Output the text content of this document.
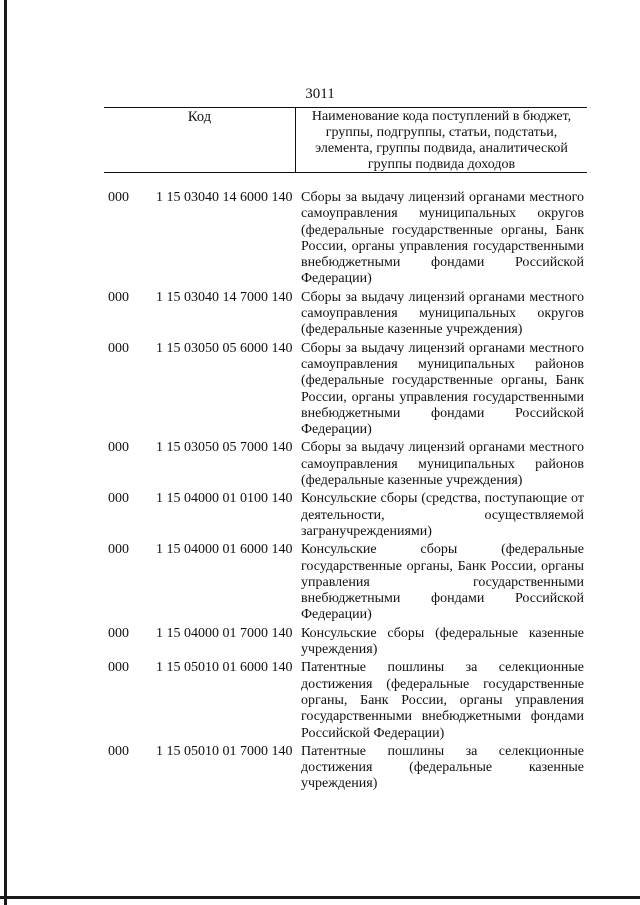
3011
Код	Наименование кода поступлений в бюджет, группы, подгруппы, статьи, подстатьи, элемента, группы подвида, аналитической группы подвида доходов
000	1 15 03040 14 6000 140 Сборы за выдачу лицензий органами местного самоуправления муниципальных округов (федеральные государственные органы, Банк России, органы управления государственными внебюджетными фондами Российской Федерации)
000	1 15 03040 14 7000 140 Сборы за выдачу лицензий органами местного самоуправления муниципальных округов (федеральные казенные учреждения)
000	1 15 03050 05 6000 140 Сборы за выдачу лицензий органами местного самоуправления муниципальных районов (федеральные государственные органы, Банк России, органы управления государственными внебюджетными фондами Российской Федерации)
000	1 15 03050 05 7000 140 Сборы за выдачу лицензий органами местного самоуправления муниципальных районов (федеральные казенные учреждения)
000	1 15 04000 01 0100 140 Консульские сборы (средства, поступающие от деятельности, осуществляемой загранучреждениями)
000	1 15 04000 01 6000 140 Консульские сборы (федеральные государственные органы, Банк России, органы управления государственными внебюджетными фондами Российской Федерации)
000	1 15 04000 01 7000 140 Консульские сборы (федеральные казенные учреждения)
000	1 15 05010 01 6000 140 Патентные пошлины за селекционные достижения (федеральные государственные органы, Банк России, органы управления государственными внебюджетными фондами Российской Федерации)
000	1 15 05010 01 7000 140 Патентные пошлины за селекционные достижения (федеральные казенные учреждения)
